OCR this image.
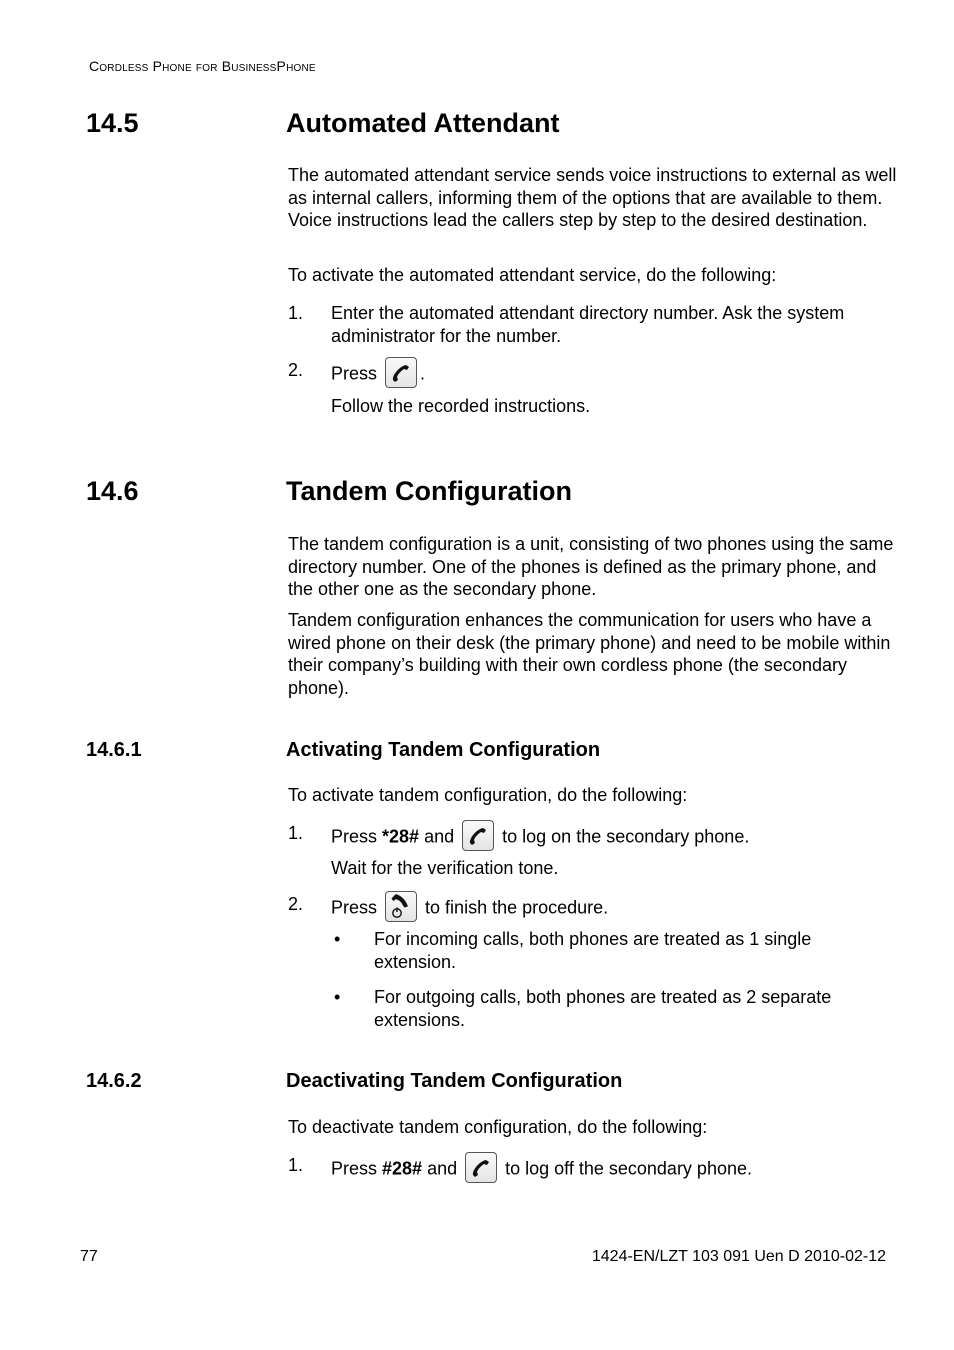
Cordless Phone for BusinessPhone
14.5	Automated Attendant
The automated attendant service sends voice instructions to external as well as internal callers, informing them of the options that are available to them. Voice instructions lead the callers step by step to the desired destination.
To activate the automated attendant service, do the following:
1. Enter the automated attendant directory number. Ask the system administrator for the number.
2. Press .
Follow the recorded instructions.
14.6	Tandem Configuration
The tandem configuration is a unit, consisting of two phones using the same directory number. One of the phones is defined as the primary phone, and the other one as the secondary phone.
Tandem configuration enhances the communication for users who have a wired phone on their desk (the primary phone) and need to be mobile within their company’s building with their own cordless phone (the secondary phone).
14.6.1	Activating Tandem Configuration
To activate tandem configuration, do the following:
1. Press *28# and	to log on the secondary phone.
Wait for the verification tone.
2. Press	to finish the procedure.
• For incoming calls, both phones are treated as 1 single extension.
• For outgoing calls, both phones are treated as 2 separate extensions.
14.6.2	Deactivating Tandem Configuration
To deactivate tandem configuration, do the following:
1. Press #28# and	to log off the secondary phone.
77	1424-EN/LZT 103 091 Uen D 2010-02-12
